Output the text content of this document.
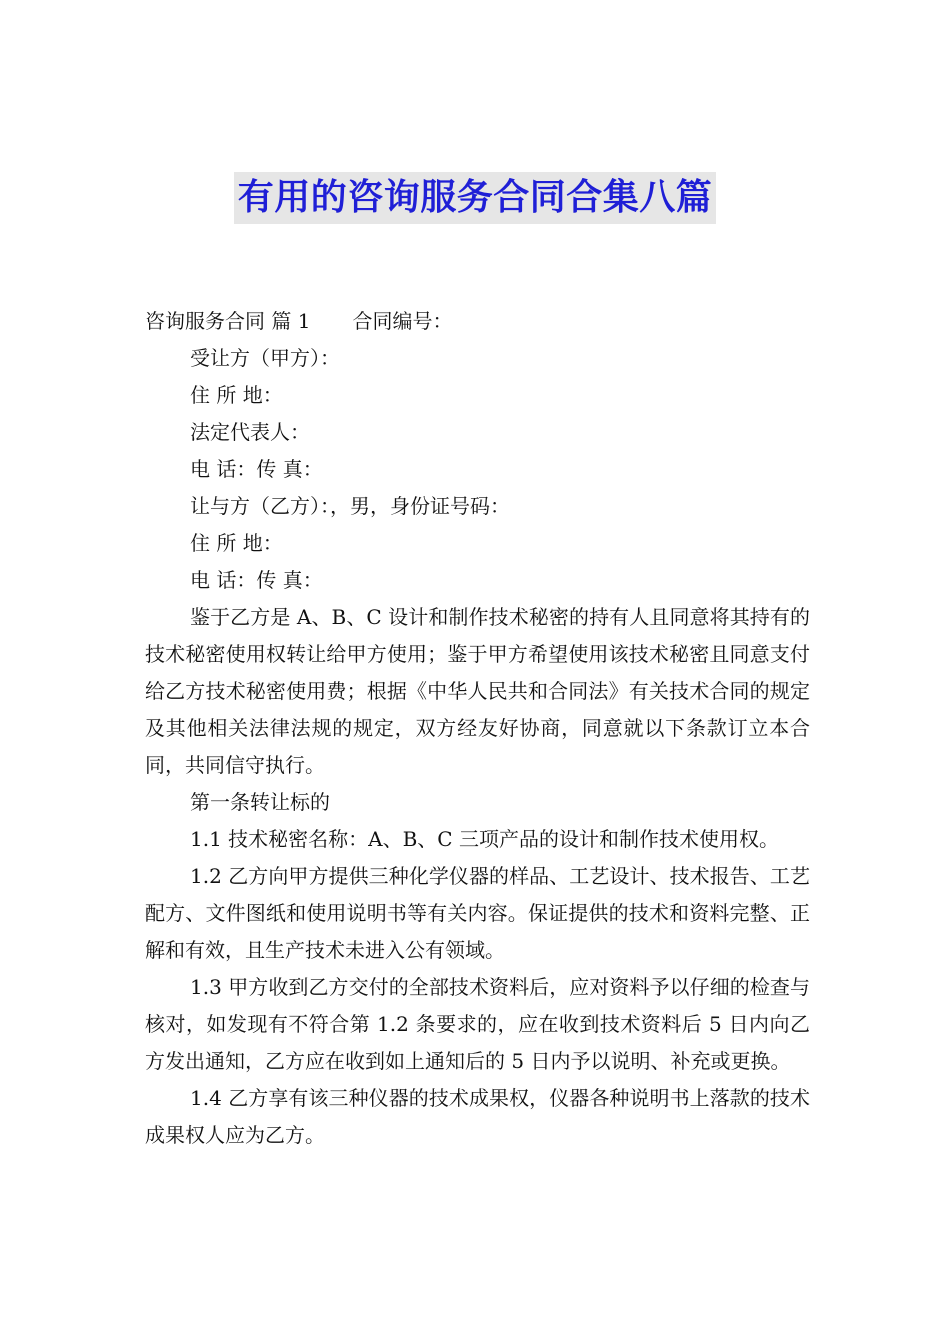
有用的咨询服务合同合集八篇

咨询服务合同 篇 1 合同编号：

受让方（甲方）：

住 所 地：

法定代表人：

电 话：传 真：

让与方（乙方）：，男，身份证号码：

住 所 地：

电 话：传 真：

鉴于乙方是 A、B、C 设计和制作技术秘密的持有人且同意将其持有的技术秘密使用权转让给甲方使用；鉴于甲方希望使用该技术秘密且同意支付给乙方技术秘密使用费；根据《中华人民共和合同法》有关技术合同的规定及其他相关法律法规的规定，双方经友好协商，同意就以下条款订立本合同，共同信守执行。

第一条转让标的

1.1 技术秘密名称：A、B、C 三项产品的设计和制作技术使用权。

1.2 乙方向甲方提供三种化学仪器的样品、工艺设计、技术报告、工艺配方、文件图纸和使用说明书等有关内容。保证提供的技术和资料完整、正解和有效，且生产技术未进入公有领域。

1.3 甲方收到乙方交付的全部技术资料后，应对资料予以仔细的检查与核对，如发现有不符合第 1.2 条要求的，应在收到技术资料后 5 日内向乙方发出通知，乙方应在收到如上通知后的 5 日内予以说明、补充或更换。

1.4 乙方享有该三种仪器的技术成果权，仪器各种说明书上落款的技术成果权人应为乙方。
